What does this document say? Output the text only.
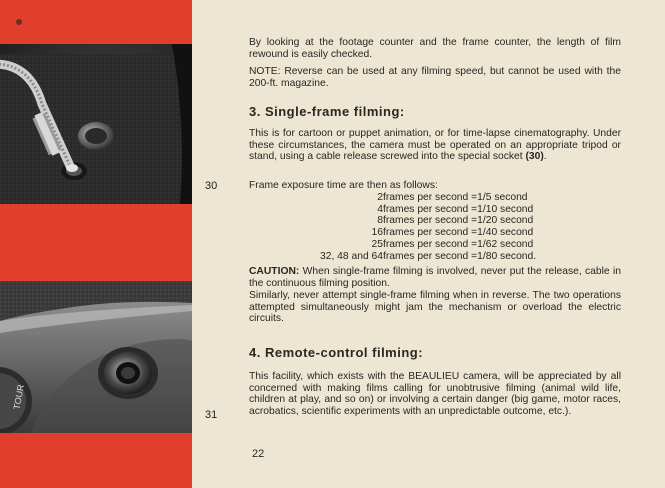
30
TOUR
31

By looking at the footage counter and the frame counter, the length of film rewound is easily checked.

NOTE: Reverse can be used at any filming speed, but cannot be used with the 200-ft. magazine.

3. Single-frame filming:

This is for cartoon or puppet animation, or for time-lapse cinematography. Under these circumstances, the camera must be operated on an appropriate tripod or stand, using a cable release screwed into the special socket (30).

Frame exposure time are then as follows:
2	frames per second =	1/5 second
4	frames per second =	1/10 second
8	frames per second =	1/20 second
16	frames per second =	1/40 second
25	frames per second =	1/62 second
32, 48 and 64	frames per second =	1/80 second.

CAUTION: When single-frame filming is involved, never put the release, cable in the continuous filming position.

Similarly, never attempt single-frame filming when in reverse. The two operations attempted simultaneously might jam the mechanism or overload the electric circuits.

4. Remote-control filming:

This facility, which exists with the BEAULIEU camera, will be appreciated by all concerned with making films calling for unobtrusive filming (animal wild life, children at play, and so on) or involving a certain danger (big game, motor races, acrobatics, scientific experiments with an unpredictable outcome, etc.).

22
